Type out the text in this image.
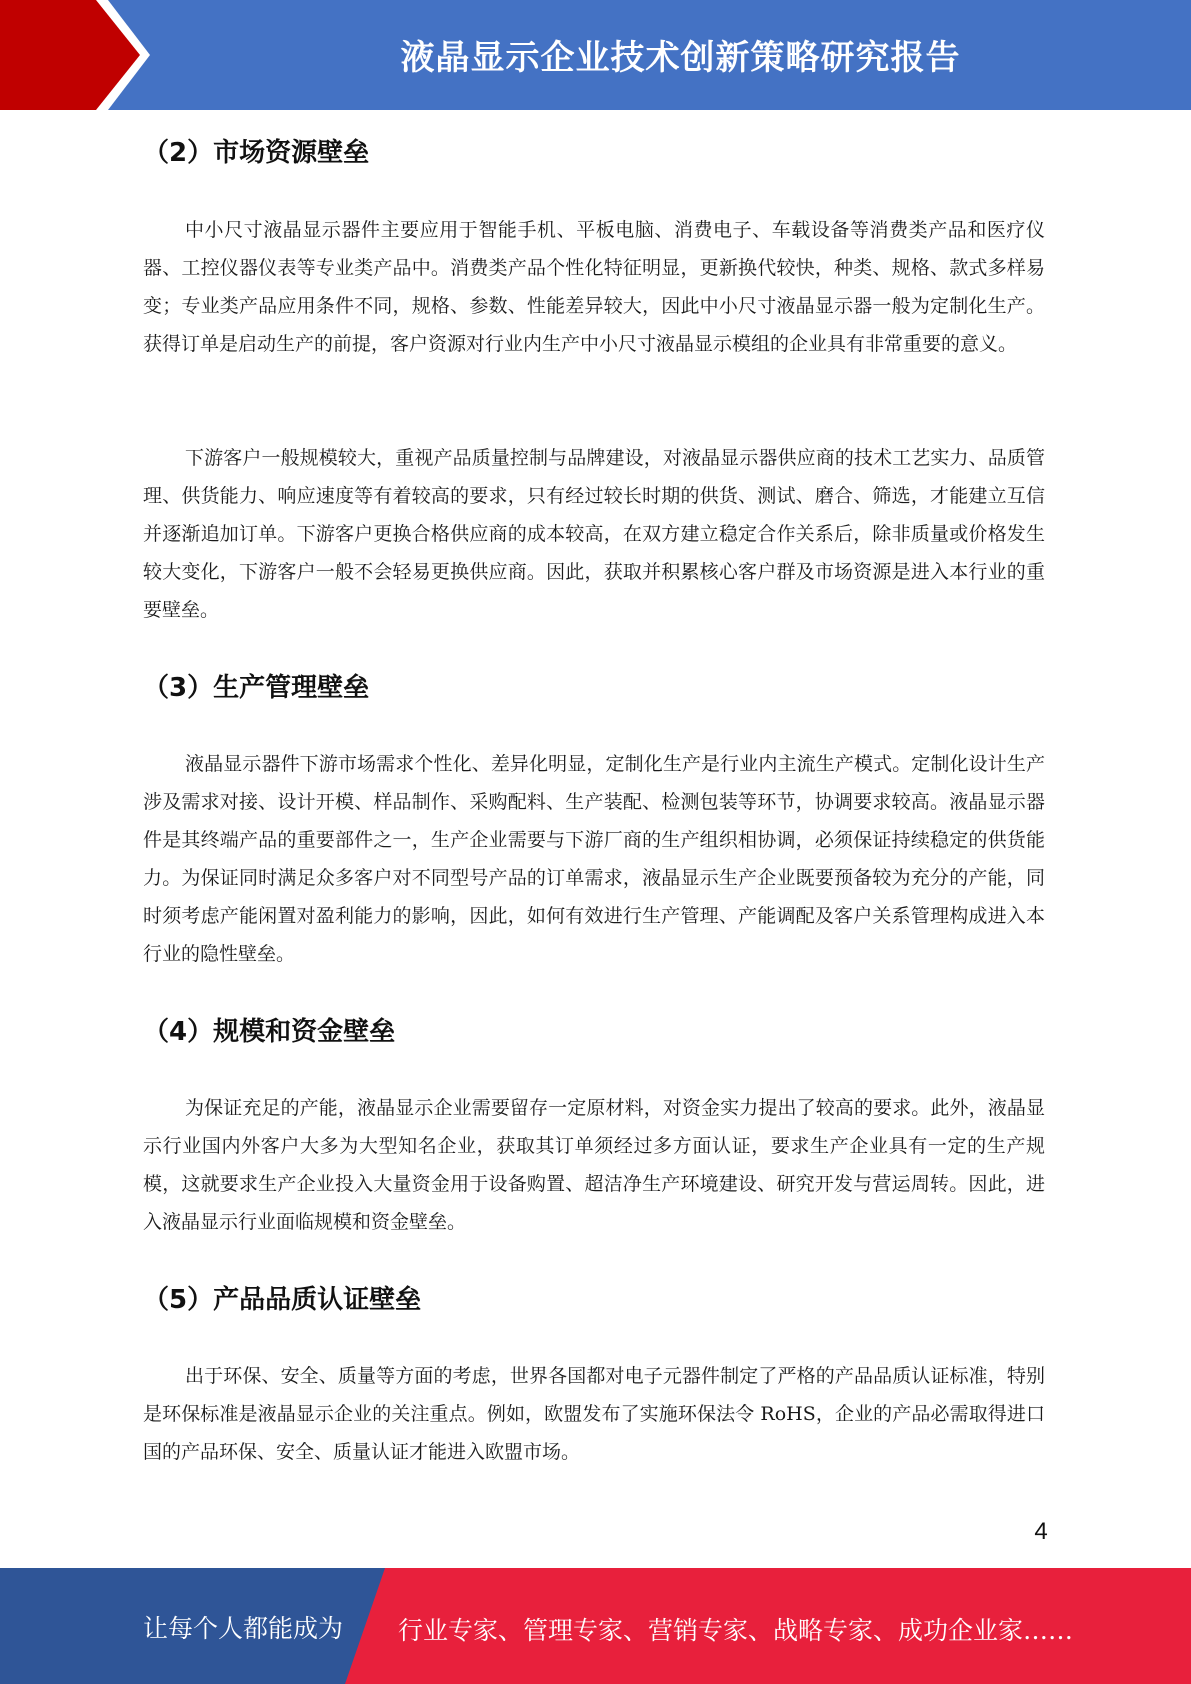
液晶显示企业技术创新策略研究报告
（2）市场资源壁垒

中小尺寸液晶显示器件主要应用于智能手机、平板电脑、消费电子、车载设备等消费类产品和医疗仪器、工控仪器仪表等专业类产品中。消费类产品个性化特征明显，更新换代较快，种类、规格、款式多样易变；专业类产品应用条件不同，规格、参数、性能差异较大，因此中小尺寸液晶显示器一般为定制化生产。获得订单是启动生产的前提，客户资源对行业内生产中小尺寸液晶显示模组的企业具有非常重要的意义。

下游客户一般规模较大，重视产品质量控制与品牌建设，对液晶显示器供应商的技术工艺实力、品质管理、供货能力、响应速度等有着较高的要求，只有经过较长时期的供货、测试、磨合、筛选，才能建立互信并逐渐追加订单。下游客户更换合格供应商的成本较高，在双方建立稳定合作关系后，除非质量或价格发生较大变化，下游客户一般不会轻易更换供应商。因此，获取并积累核心客户群及市场资源是进入本行业的重要壁垒。

（3）生产管理壁垒

液晶显示器件下游市场需求个性化、差异化明显，定制化生产是行业内主流生产模式。定制化设计生产涉及需求对接、设计开模、样品制作、采购配料、生产装配、检测包装等环节，协调要求较高。液晶显示器件是其终端产品的重要部件之一，生产企业需要与下游厂商的生产组织相协调，必须保证持续稳定的供货能力。为保证同时满足众多客户对不同型号产品的订单需求，液晶显示生产企业既要预备较为充分的产能，同时须考虑产能闲置对盈利能力的影响，因此，如何有效进行生产管理、产能调配及客户关系管理构成进入本行业的隐性壁垒。

（4）规模和资金壁垒

为保证充足的产能，液晶显示企业需要留存一定原材料，对资金实力提出了较高的要求。此外，液晶显示行业国内外客户大多为大型知名企业，获取其订单须经过多方面认证，要求生产企业具有一定的生产规模，这就要求生产企业投入大量资金用于设备购置、超洁净生产环境建设、研究开发与营运周转。因此，进入液晶显示行业面临规模和资金壁垒。

（5）产品品质认证壁垒

出于环保、安全、质量等方面的考虑，世界各国都对电子元器件制定了严格的产品品质认证标准，特别是环保标准是液晶显示企业的关注重点。例如，欧盟发布了实施环保法令 RoHS，企业的产品必需取得进口国的产品环保、安全、质量认证才能进入欧盟市场。

4
让每个人都能成为 行业专家、管理专家、营销专家、战略专家、成功企业家……
